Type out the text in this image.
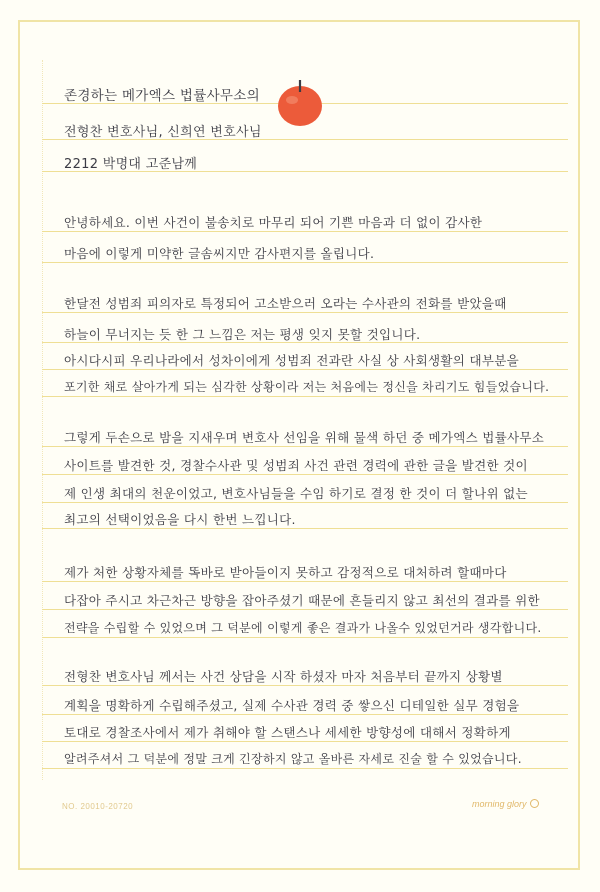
존경하는 메가엑스 법률사무소의
전형찬 변호사님, 신희연 변호사님
2212 박명대 고준남께
안녕하세요. 이번 사건이 불송치로 마무리 되어 기쁜 마음과 더 없이 감사한
마음에 이렇게 미약한 글솜씨지만 감사편지를 올립니다.
한달전 성범죄 피의자로 특정되어 고소받으러 오라는 수사관의 전화를 받았을때
하늘이 무너지는 듯 한 그 느낌은 저는 평생 잊지 못할 것입니다.
아시다시피 우리나라에서 성차이에게 성범죄 전과란 사실 상 사회생활의 대부분을
포기한 채로 살아가게 되는 심각한 상황이라 저는 처음에는 정신을 차리기도 힘들었습니다.
그렇게 두손으로 밤을 지새우며 변호사 선임을 위해 물색 하던 중 메가엑스 법률사무소
사이트를 발견한 것, 경찰수사관 및 성범죄 사건 관련 경력에 관한 글을 발견한 것이
제 인생 최대의 천운이었고, 변호사님들을 수임 하기로 결정 한 것이 더 할나위 없는
최고의 선택이었음을 다시 한번 느낍니다.
제가 처한 상황자체를 똑바로 받아들이지 못하고 감정적으로 대처하려 할때마다
다잡아 주시고 차근차근 방향을 잡아주셨기 때문에 흔들리지 않고 최선의 결과를 위한
전략을 수립할 수 있었으며 그 덕분에 이렇게 좋은 결과가 나올수 있었던거라 생각합니다.
전형찬 변호사님 께서는 사건 상담을 시작 하셨자 마자 처음부터 끝까지 상황별
계획을 명확하게 수립해주셨고, 실제 수사관 경력 중 쌓으신 디테일한 실무 경험을
토대로 경찰조사에서 제가 취해야 할 스탠스나 세세한 방향성에 대해서 정확하게
알려주셔서 그 덕분에 정말 크게 긴장하지 않고 올바른 자세로 진술 할 수 있었습니다.
NO. 20010-20720	morning glory
